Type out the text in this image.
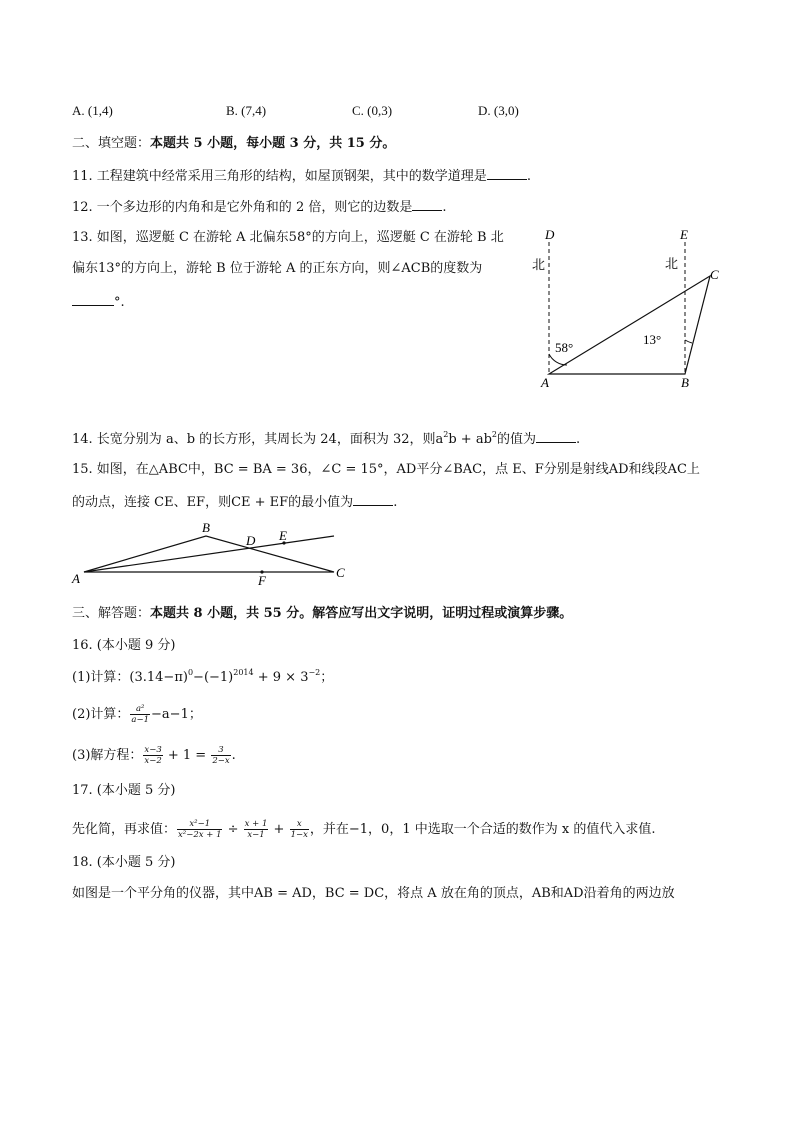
A. (1,4)	B. (7,4)	C. (0,3)	D. (3,0)
二、填空题：本题共 5 小题，每小题 3 分，共 15 分。
11. 工程建筑中经常采用三角形的结构，如屋顶钢架，其中的数学道理是	.
12. 一个多边形的内角和是它外角和的 2 倍，则它的边数是 .
13. 如图，巡逻艇 C 在游轮 A 北偏东58°的方向上，巡逻艇 C 在游轮 B 北
偏东13°的方向上，游轮 B 位于游轮 A 的正东方向，则∠ACB的度数为
°.
D	E
北	北
C
58°
13°
A	B
14. 长宽分别为 a、b 的长方形，其周长为 24，面积为 32，则$a^2b + ab^2$的值为	.
15. 如图，在△ABC中，BC = BA = 36，∠C = 15°，AD平分∠BAC，点 E、F分别是射线AD和线段AC上
的动点，连接 CE、EF，则CE + EF的最小值为	.
A
B
D E
F
C
三、解答题：本题共 8 小题，共 55 分。解答应写出文字说明，证明过程或演算步骤。
16. (本小题 9 分)
(1)计算：$(3.14-\pi)^0-(-1)^{2014} + 9 \times 3^{-2}$；
(2)计算： $\frac{\text{a²}}{a-1} -a-1$；
(3)解方程： $\frac{x-3}{x-2} + 1 = \frac{3}{2-x}$ .
17. (本小题 5 分)
先化简，再求值： $\frac{\text{x²−1}}{\text{x²−2x + 1}} \div \frac{x + 1}{x-1} + \frac{x}{1-x}$ ，并在−1，0，1 中选取一个合适的数作为 x 的值代入求值.
18. (本小题 5 分)
如图是一个平分角的仪器，其中AB = AD，BC = DC，将点 A 放在角的顶点，AB和AD沿着角的两边放
